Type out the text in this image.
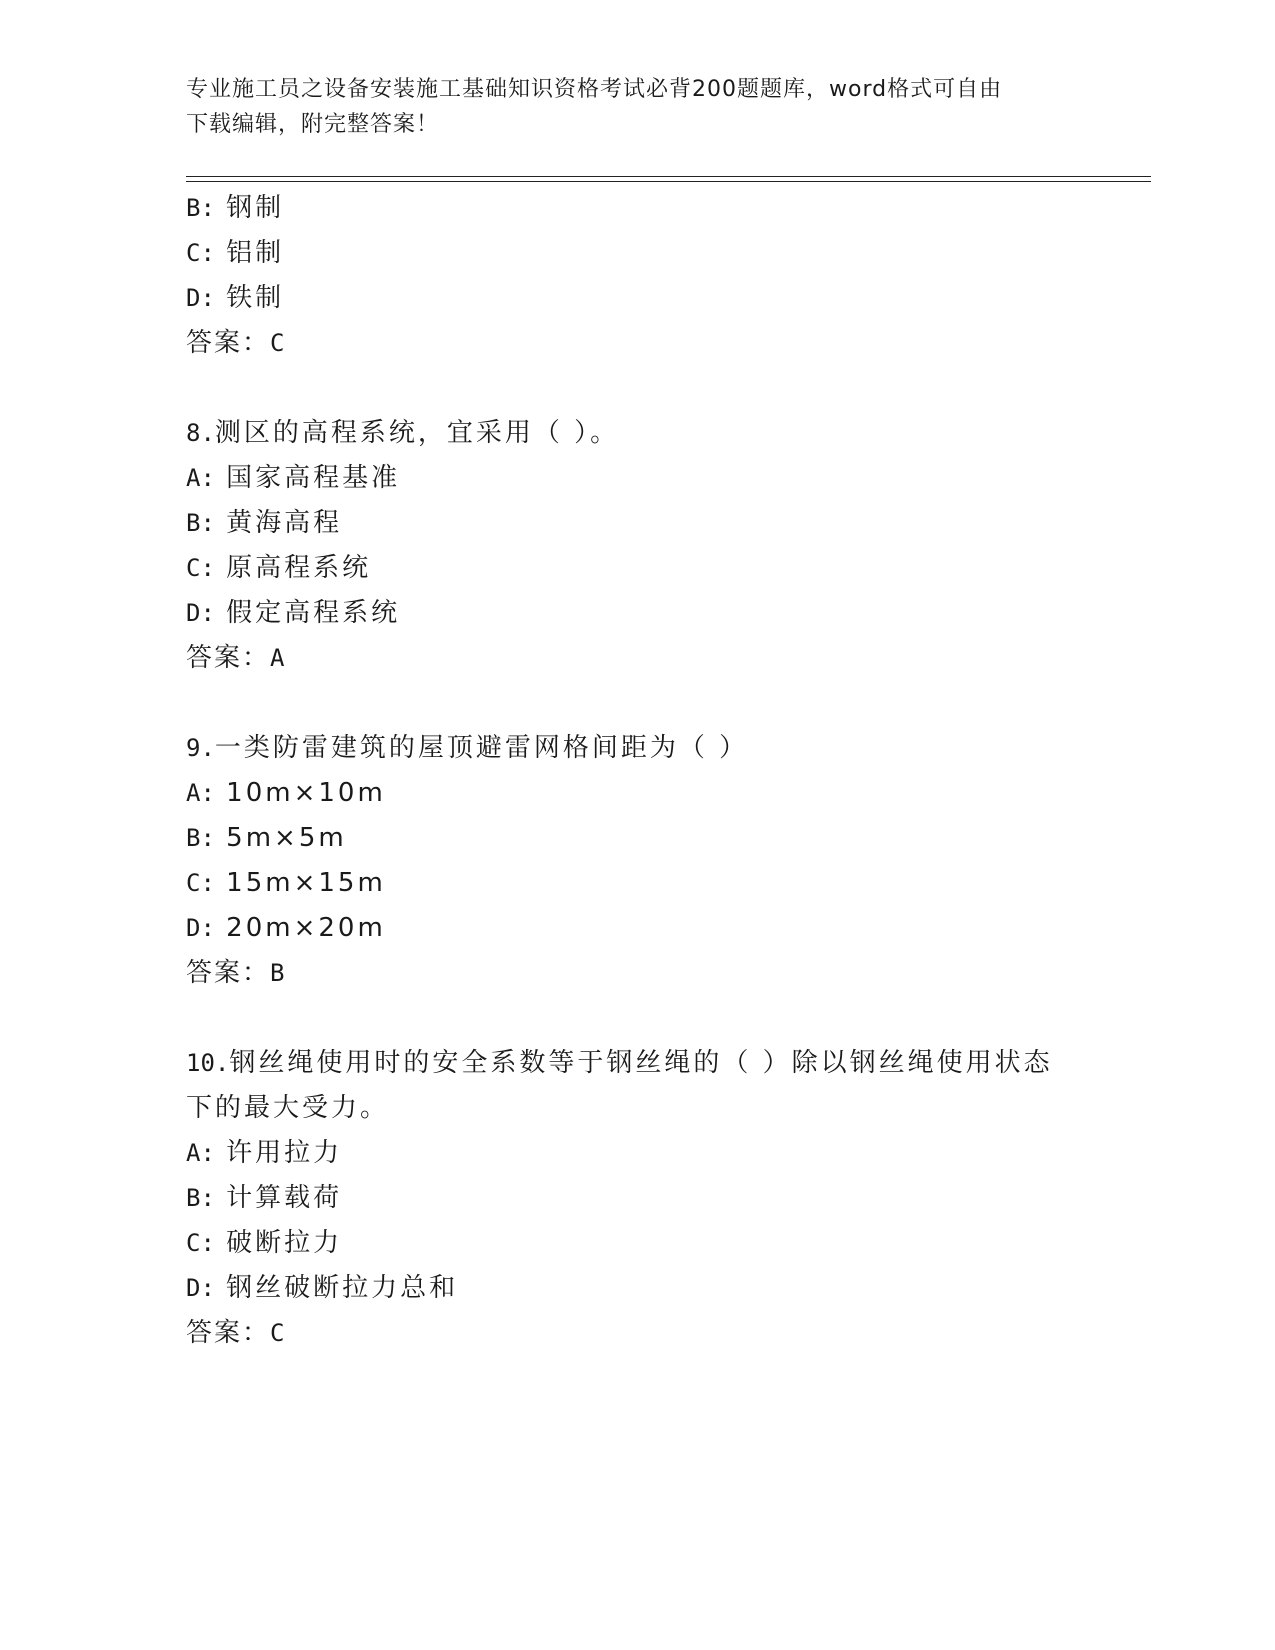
专业施工员之设备安装施工基础知识资格考试必背200题题库，word格式可自由
下载编辑，附完整答案！
B: 钢制
C: 铝制
D: 铁制
答案：C
8.测区的高程系统，宜采用（ ）。
A: 国家高程基准
B: 黄海高程
C: 原高程系统
D: 假定高程系统
答案：A
9.一类防雷建筑的屋顶避雷网格间距为（ ）
A: 10m×10m
B: 5m×5m
C: 15m×15m
D: 20m×20m
答案：B
10.钢丝绳使用时的安全系数等于钢丝绳的（ ）除以钢丝绳使用状态
下的最大受力。
A: 许用拉力
B: 计算载荷
C: 破断拉力
D: 钢丝破断拉力总和
答案：C
